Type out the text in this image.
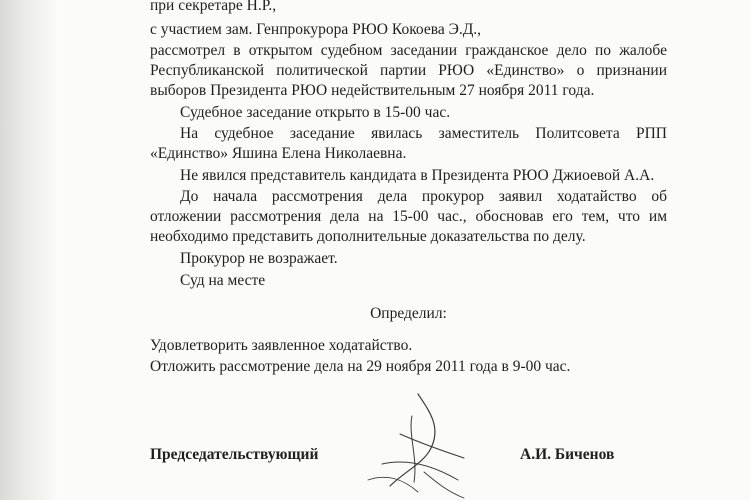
при секретаре Н.Р.,
с участием зам. Генпрокурора РЮО Кокоева Э.Д.,
рассмотрел в открытом судебном заседании гражданское дело по жалобе
Республиканской политической партии РЮО «Единство» о признании
выборов Президента РЮО недействительным 27 ноября 2011 года.
Судебное заседание открыто в 15-00 час.
На судебное заседание явилась заместитель Политсовета РПП
«Единство» Яшина Елена Николаевна.
Не явился представитель кандидата в Президента РЮО Джиоевой А.А.
До начала рассмотрения дела прокурор заявил ходатайство об
отложении рассмотрения дела на 15-00 час., обосновав его тем, что им
необходимо представить дополнительные доказательства по делу.
Прокурор не возражает.
Суд на месте
Определил:
Удовлетворить заявленное ходатайство.
Отложить рассмотрение дела на 29 ноября 2011 года в 9-00 час.
Председательствующий	А.И. Биченов
